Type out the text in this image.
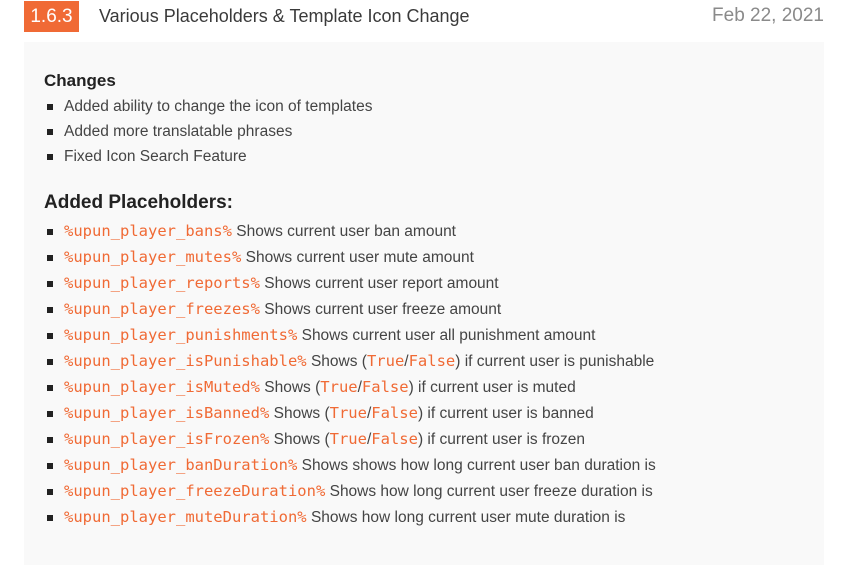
1.6.3	Various Placeholders & Template Icon Change	Feb 22, 2021
Changes
Added ability to change the icon of templates
Added more translatable phrases
Fixed Icon Search Feature
Added Placeholders:
%upun_player_bans% Shows current user ban amount
%upun_player_mutes% Shows current user mute amount
%upun_player_reports% Shows current user report amount
%upun_player_freezes% Shows current user freeze amount
%upun_player_punishments% Shows current user all punishment amount
%upun_player_isPunishable% Shows (True/False) if current user is punishable
%upun_player_isMuted% Shows (True/False) if current user is muted
%upun_player_isBanned% Shows (True/False) if current user is banned
%upun_player_isFrozen% Shows (True/False) if current user is frozen
%upun_player_banDuration% Shows shows how long current user ban duration is
%upun_player_freezeDuration% Shows how long current user freeze duration is
%upun_player_muteDuration% Shows how long current user mute duration is
